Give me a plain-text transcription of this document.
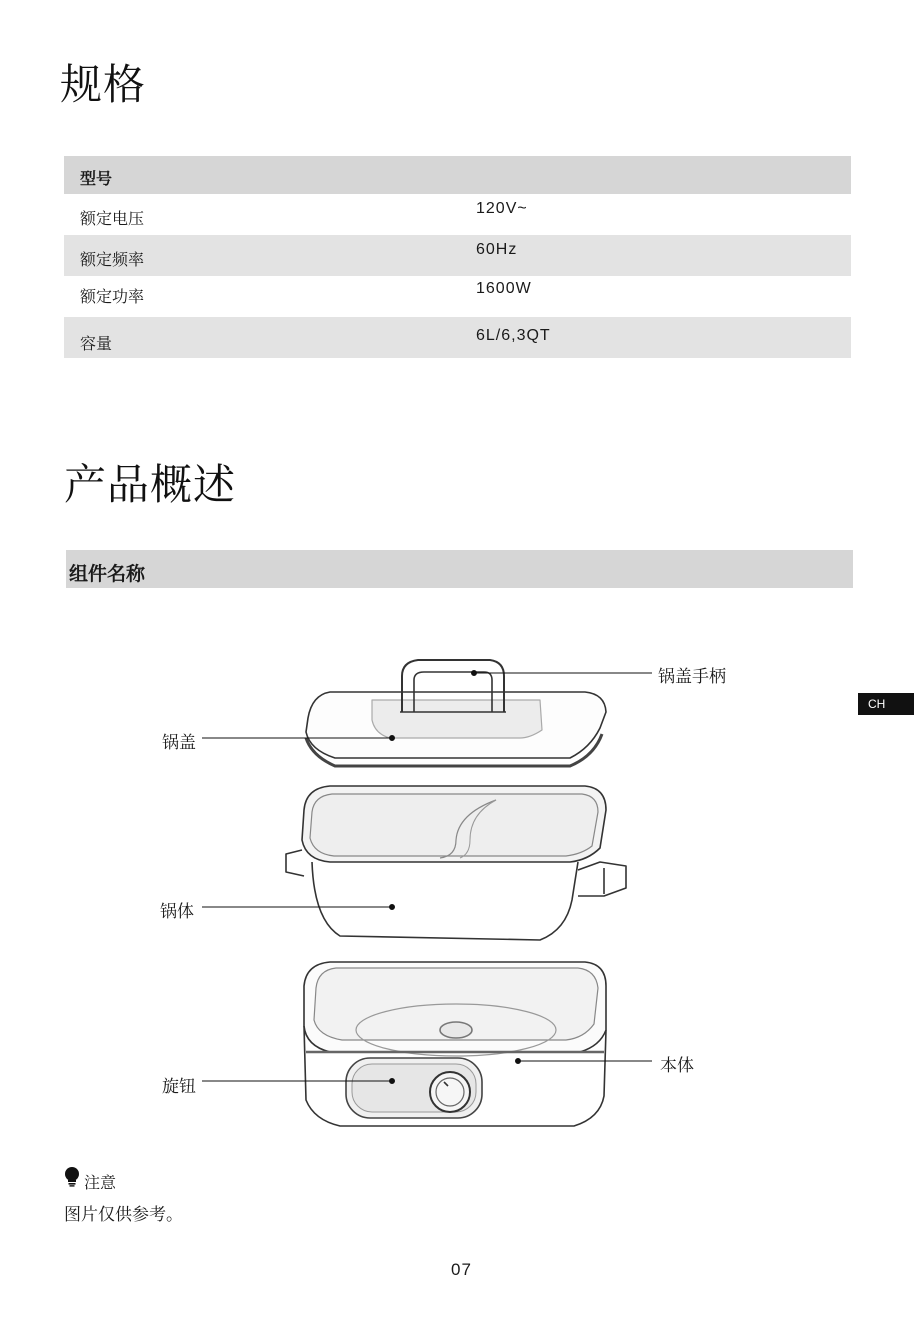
规格
型号
额定电压
120V~
额定频率
60Hz
额定功率	1600W
容量	6L/6,3QT
产品概述
组件名称
锅盖手柄
锅盖
锅体
本体
旋钮
CH
注意
图片仅供参考。
07
